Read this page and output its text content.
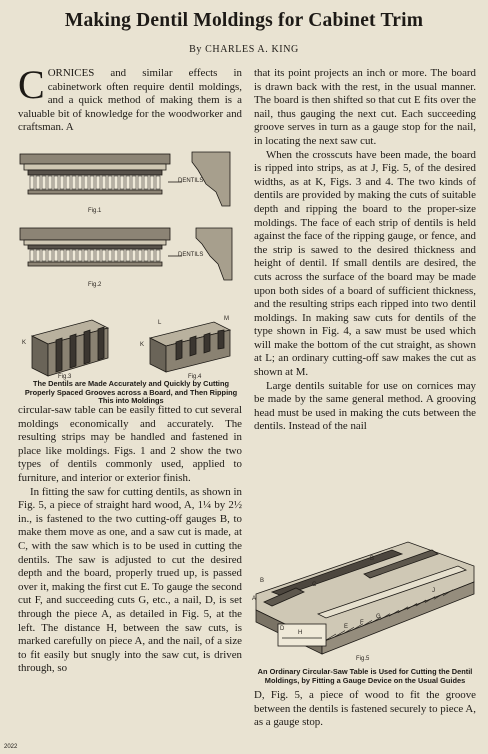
Making Dentil Moldings for Cabinet Trim
By CHARLES A. KING

CORNICES and similar effects in cabinetwork often require dentil moldings, and a quick method of making them is a valuable bit of knowledge for the woodworker and craftsman. A

DENTILS
DENTILS
Fig.1
Fig.2
Fig.3	Fig.4
K	K
L
M
The Dentils are Made Accurately and Quickly by Cutting Properly Spaced Grooves across a Board, and Then Ripping This into Moldings

circular-saw table can be easily fitted to cut several moldings economically and accurately. The resulting strips may be handled and fastened in place like moldings. Figs. 1 and 2 show the two types of dentils commonly used, applied to furniture, and interior or exterior finish.

In fitting the saw for cutting dentils, as shown in Fig. 5, a piece of straight hard wood, A, 1¼ by 2½ in., is fastened to the two cutting-off gauges B, to make them move as one, and a saw cut is made, at C, with the saw which is to be used in cutting the dentils. The saw is adjusted to cut the desired depth and the board, properly trued up, is passed over it, making the first cut E. To gauge the second cut F, and succeeding cuts G, etc., a nail, D, is set through the piece A, as detailed in Fig. 5, at the left. The distance H, between the saw cuts, is marked carefully on piece A, and the nail, of a size to fit easily but snugly into the saw cut, is driven through, so

that its point projects an inch or more. The board is drawn back with the rest, in the usual manner. The board is then shifted so that cut E fits over the nail, thus gauging the next cut. Each succeeding groove serves in turn as a gauge stop for the nail, in locating the next saw cut.

When the crosscuts have been made, the board is ripped into strips, as at J, Fig. 5, of the desired widths, as at K, Figs. 3 and 4. The two kinds of dentils are provided by making the cuts of suitable depth and ripping the board to the proper-size moldings. The face of each strip of dentils is held against the face of the ripping gauge, or fence, and the strip is sawed to the desired thickness and height of dentil. If small dentils are desired, the cuts across the surface of the board may be made upon both sides of a board of sufficient thickness, and the resulting strips each ripped into two dentil moldings. In making saw cuts for dentils of the type shown in Fig. 4, a saw must be used which will make the bottom of the cut straight, as shown at L; an ordinary cutting-off saw makes the cut as shown at M.

Large dentils suitable for use on cornices may be made by the same general method. A grooving head must be used in making the cuts between the dentils. Instead of the nail

A
B
B
C
D
H
E
F
G
J
Fig.5
An Ordinary Circular-Saw Table is Used for Cutting the Dentil Moldings, by Fitting a Gauge Device on the Usual Guides

D, Fig. 5, a piece of wood to fit the groove between the dentils is fastened securely to piece A, as a gauge stop.

2022
